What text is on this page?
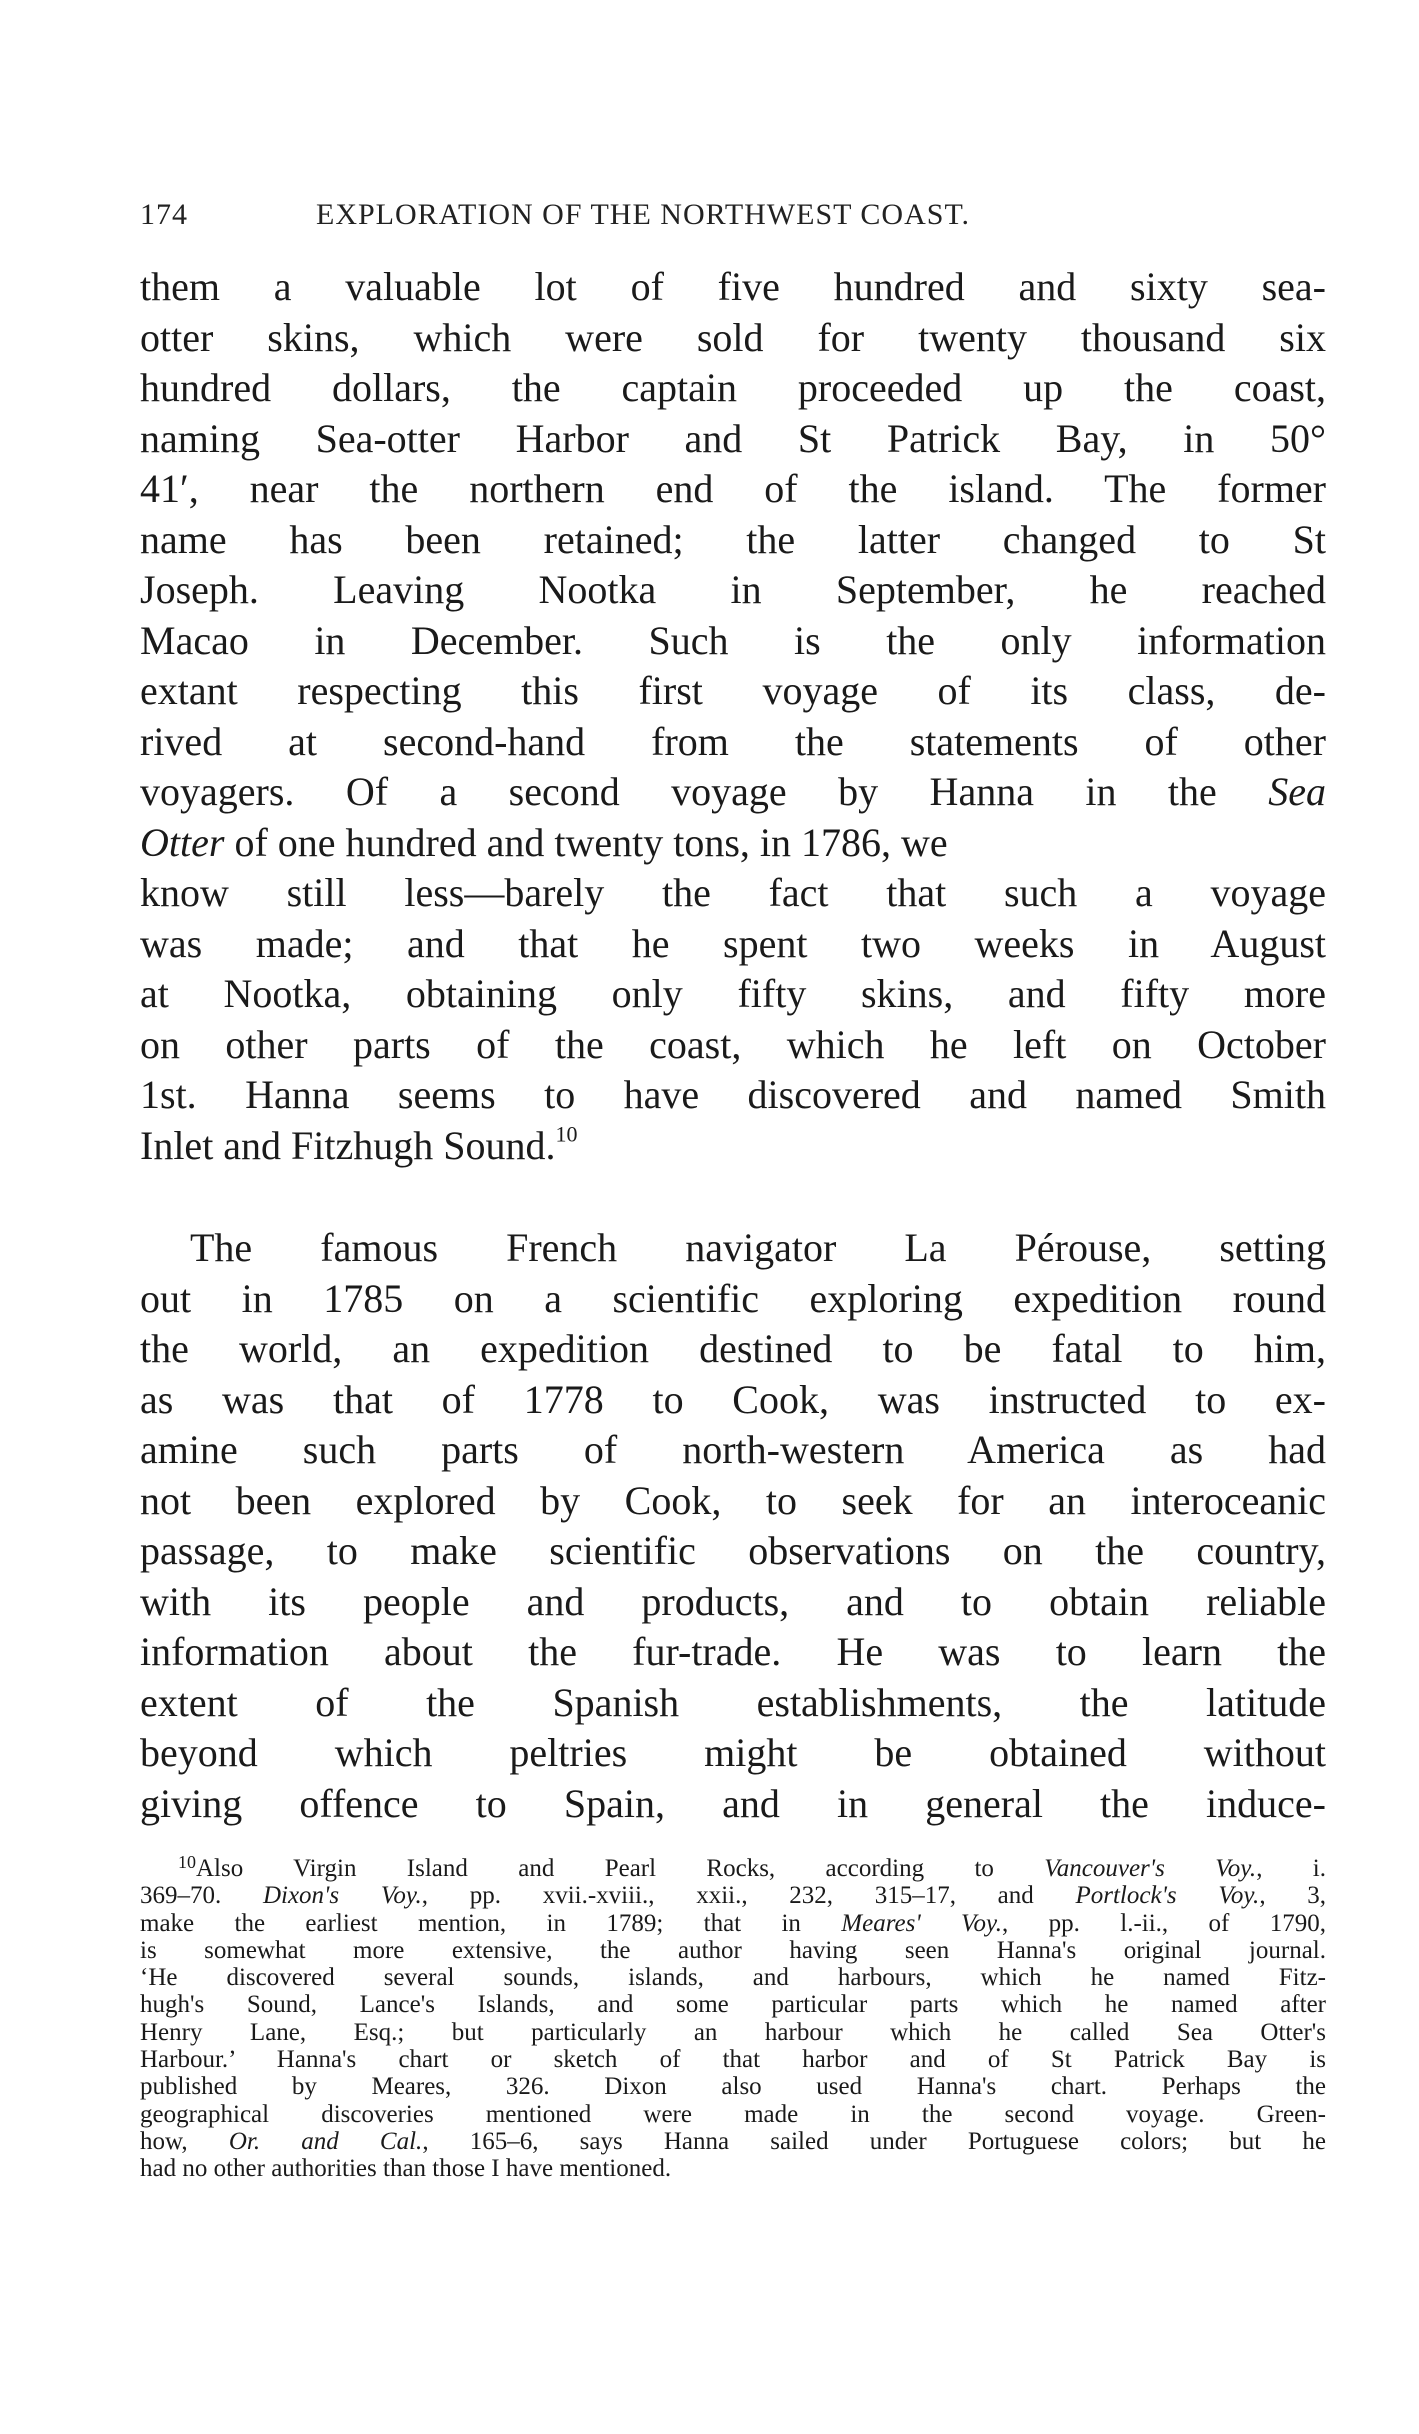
174	EXPLORATION OF THE NORTHWEST COAST.
them a valuable lot of five hundred and sixty sea-
otter skins, which were sold for twenty thousand six
hundred dollars, the captain proceeded up the coast,
naming Sea-otter Harbor and St Patrick Bay, in 50°
41′, near the northern end of the island. The former
name has been retained; the latter changed to St
Joseph. Leaving Nootka in September, he reached
Macao in December. Such is the only information
extant respecting this first voyage of its class, de-
rived at second-hand from the statements of other
voyagers. Of a second voyage by Hanna in the Sea
Otter of one hundred and twenty tons, in 1786, we
know still less—barely the fact that such a voyage
was made; and that he spent two weeks in August
at Nootka, obtaining only fifty skins, and fifty more
on other parts of the coast, which he left on October
1st. Hanna seems to have discovered and named Smith
Inlet and Fitzhugh Sound.$^{10}$
The famous French navigator La Pérouse, setting
out in 1785 on a scientific exploring expedition round
the world, an expedition destined to be fatal to him,
as was that of 1778 to Cook, was instructed to ex-
amine such parts of north-western America as had
not been explored by Cook, to seek for an interoceanic
passage, to make scientific observations on the country,
with its people and products, and to obtain reliable
information about the fur-trade. He was to learn the
extent of the Spanish establishments, the latitude
beyond which peltries might be obtained without
giving offence to Spain, and in general the induce-
$^{10}$Also Virgin Island and Pearl Rocks, according to Vancouver's Voy., i.
369–70. Dixon's Voy., pp. xvii.-xviii., xxii., 232, 315–17, and Portlock's Voy., 3,
make the earliest mention, in 1789; that in Meares' Voy., pp. l.-ii., of 1790,
is somewhat more extensive, the author having seen Hanna's original journal.
‘He discovered several sounds, islands, and harbours, which he named Fitz-
hugh's Sound, Lance's Islands, and some particular parts which he named after
Henry Lane, Esq.; but particularly an harbour which he called Sea Otter's
Harbour.’ Hanna's chart or sketch of that harbor and of St Patrick Bay is
published by Meares, 326. Dixon also used Hanna's chart. Perhaps the
geographical discoveries mentioned were made in the second voyage. Green-
how, Or. and Cal., 165–6, says Hanna sailed under Portuguese colors; but he
had no other authorities than those I have mentioned.
